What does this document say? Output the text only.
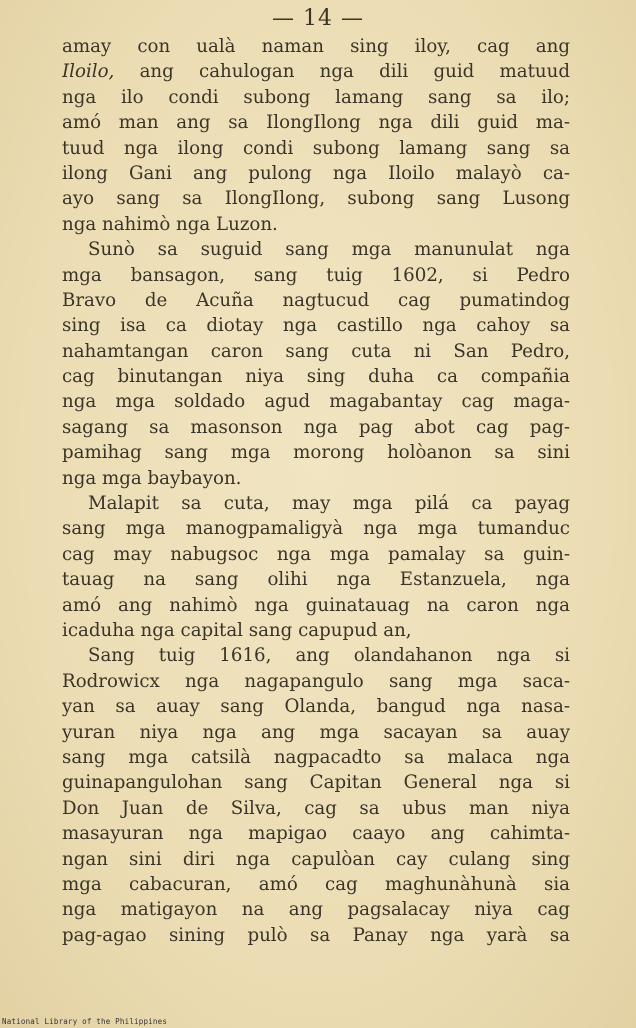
— 14 —
amay con ualà naman sing iloy, cag ang
Iloilo, ang cahulogan nga dili guid matuud
nga ilo condi subong lamang sang sa ilo;
amó man ang sa IlongIlong nga dili guid ma-
tuud nga ilong condi subong lamang sang sa
ilong Gani ang pulong nga Iloilo malayò ca-
ayo sang sa IlongIlong, subong sang Lusong
nga nahimò nga Luzon.
Sunò sa suguid sang mga manunulat nga
mga bansagon, sang tuig 1602, si Pedro
Bravo de Acuña nagtucud cag pumatindog
sing isa ca diotay nga castillo nga cahoy sa
nahamtangan caron sang cuta ni San Pedro,
cag binutangan niya sing duha ca compañia
nga mga soldado agud magabantay cag maga-
sagang sa masonson nga pag abot cag pag-
pamihag sang mga morong holòanon sa sini
nga mga baybayon.
Malapit sa cuta, may mga pilá ca payag
sang mga manogpamaligyà nga mga tumanduc
cag may nabugsoc nga mga pamalay sa guin-
tauag na sang olihi nga Estanzuela, nga
amó ang nahimò nga guinatauag na caron nga
icaduha nga capital sang capupud an,
Sang tuig 1616, ang olandahanon nga si
Rodrowicx nga nagapangulo sang mga saca-
yan sa auay sang Olanda, bangud nga nasa-
yuran niya nga ang mga sacayan sa auay
sang mga catsilà nagpacadto sa malaca nga
guinapangulohan sang Capitan General nga si
Don Juan de Silva, cag sa ubus man niya
masayuran nga mapigao caayo ang cahimta-
ngan sini diri nga capulòan cay culang sing
mga cabacuran, amó cag maghunàhunà sia
nga matigayon na ang pagsalacay niya cag
pag-agao sining pulò sa Panay nga yarà sa
National Library of the Philippines
